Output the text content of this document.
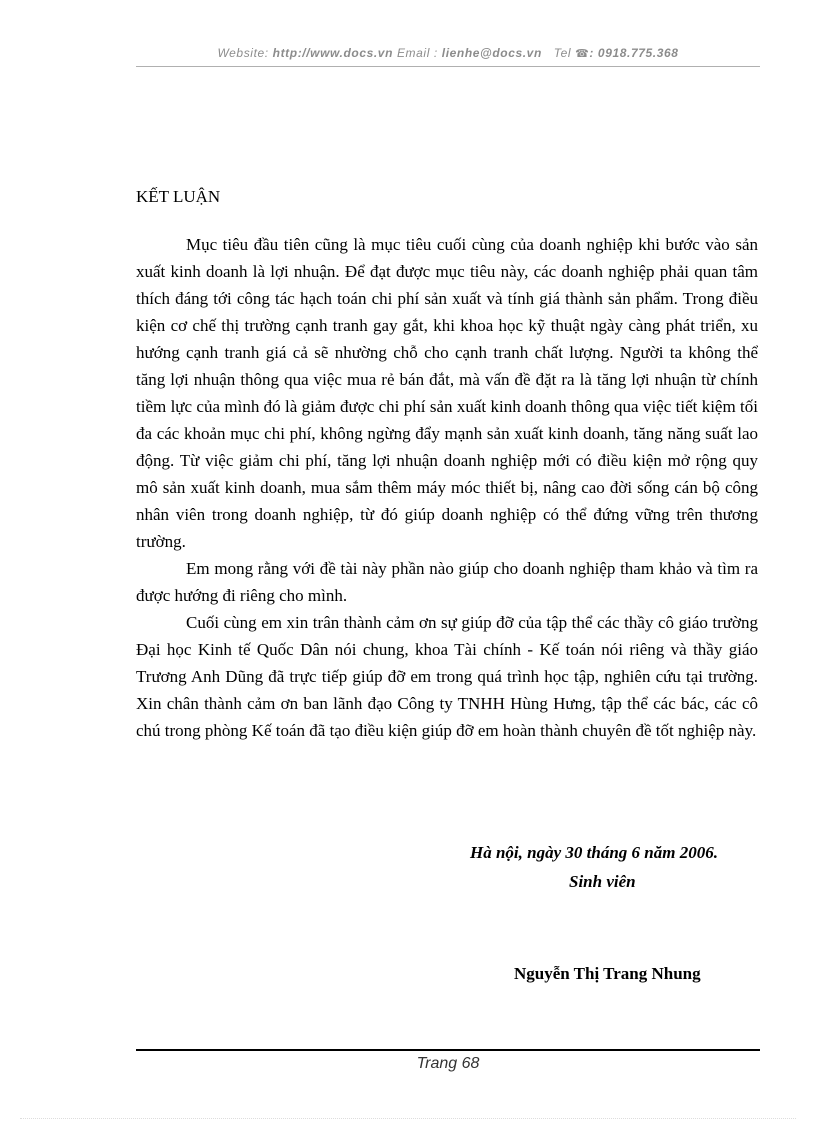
Website: http://www.docs.vn Email : lienhe@docs.vn Tel ☎: 0918.775.368
KẾT LUẬN

Mục tiêu đầu tiên cũng là mục tiêu cuối cùng của doanh nghiệp khi bước vào sản xuất kinh doanh là lợi nhuận. Để đạt được mục tiêu này, các doanh nghiệp phải quan tâm thích đáng tới công tác hạch toán chi phí sản xuất và tính giá thành sản phẩm. Trong điều kiện cơ chế thị trường cạnh tranh gay gắt, khi khoa học kỹ thuật ngày càng phát triển, xu hướng cạnh tranh giá cả sẽ nhường chỗ cho cạnh tranh chất lượng. Người ta không thể tăng lợi nhuận thông qua việc mua rẻ bán đắt, mà vấn đề đặt ra là tăng lợi nhuận từ chính tiềm lực của mình đó là giảm được chi phí sản xuất kinh doanh thông qua việc tiết kiệm tối đa các khoản mục chi phí, không ngừng đẩy mạnh sản xuất kinh doanh, tăng năng suất lao động. Từ việc giảm chi phí, tăng lợi nhuận doanh nghiệp mới có điều kiện mở rộng quy mô sản xuất kinh doanh, mua sắm thêm máy móc thiết bị, nâng cao đời sống cán bộ công nhân viên trong doanh nghiệp, từ đó giúp doanh nghiệp có thể đứng vững trên thương trường.

Em mong rằng với đề tài này phần nào giúp cho doanh nghiệp tham khảo và tìm ra được hướng đi riêng cho mình.

Cuối cùng em xin trân thành cảm ơn sự giúp đỡ của tập thể các thầy cô giáo trường Đại học Kinh tế Quốc Dân nói chung, khoa Tài chính - Kế toán nói riêng và thầy giáo Trương Anh Dũng đã trực tiếp giúp đỡ em trong quá trình học tập, nghiên cứu tại trường. Xin chân thành cảm ơn ban lãnh đạo Công ty TNHH Hùng Hưng, tập thể các bác, các cô chú trong phòng Kế toán đã tạo điều kiện giúp đỡ em hoàn thành chuyên đề tốt nghiệp này.

Hà nội, ngày 30 tháng 6 năm 2006.
Sinh viên
Nguyễn Thị Trang Nhung
Trang 68
